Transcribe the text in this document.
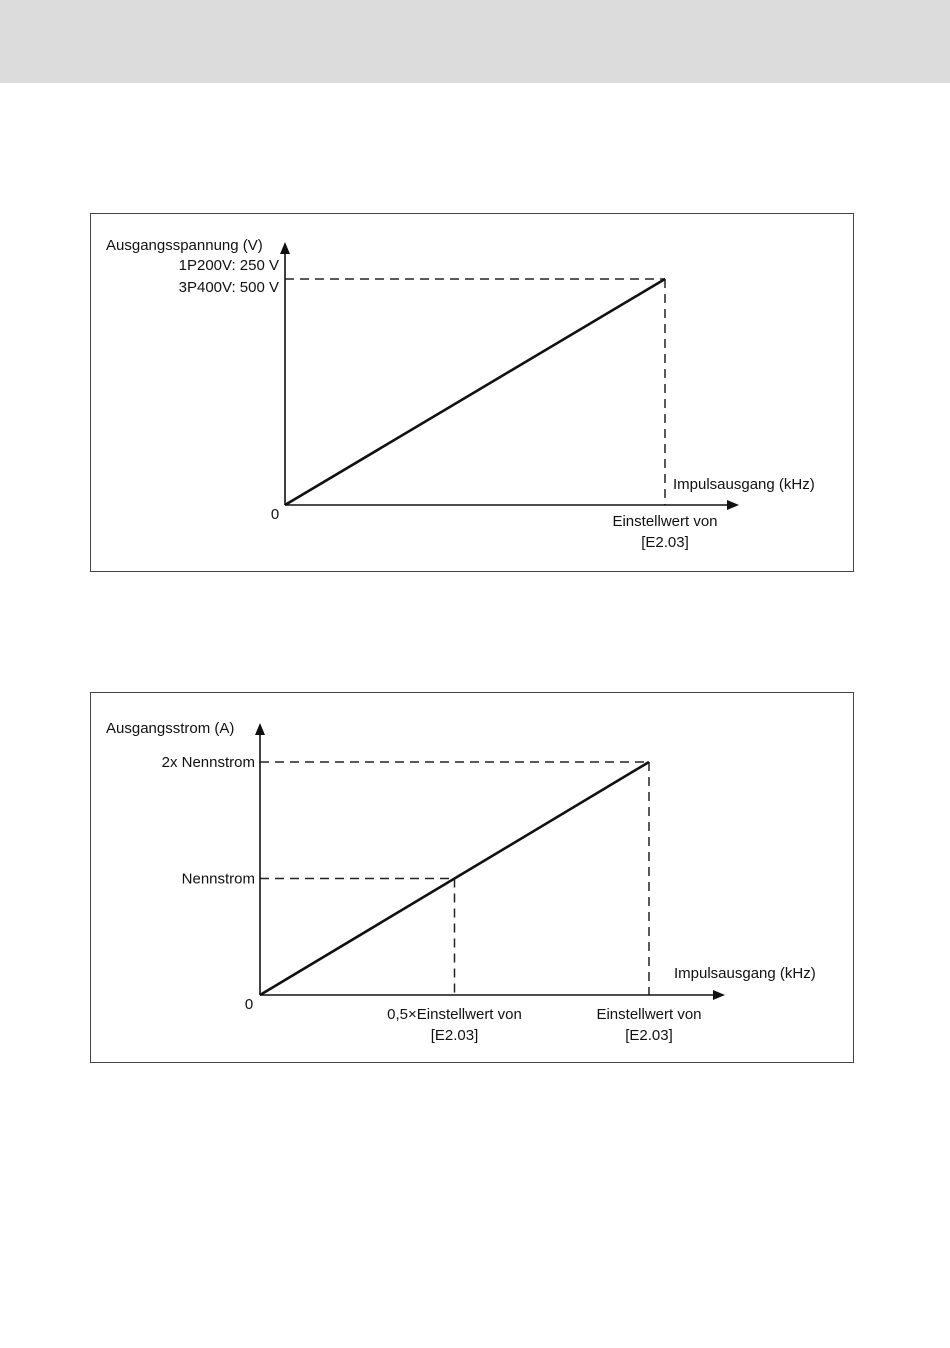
Ausgangsspannung (V)
Impulsausgang (kHz)
0
1P200V: 250 V
3P400V: 500 V
Einstellwert von
[E2.03]
Ausgangsstrom (A)
Impulsausgang (kHz)
0
Nennstrom
2x Nennstrom
0,5×Einstellwert von
[E2.03]
Einstellwert von
[E2.03]
